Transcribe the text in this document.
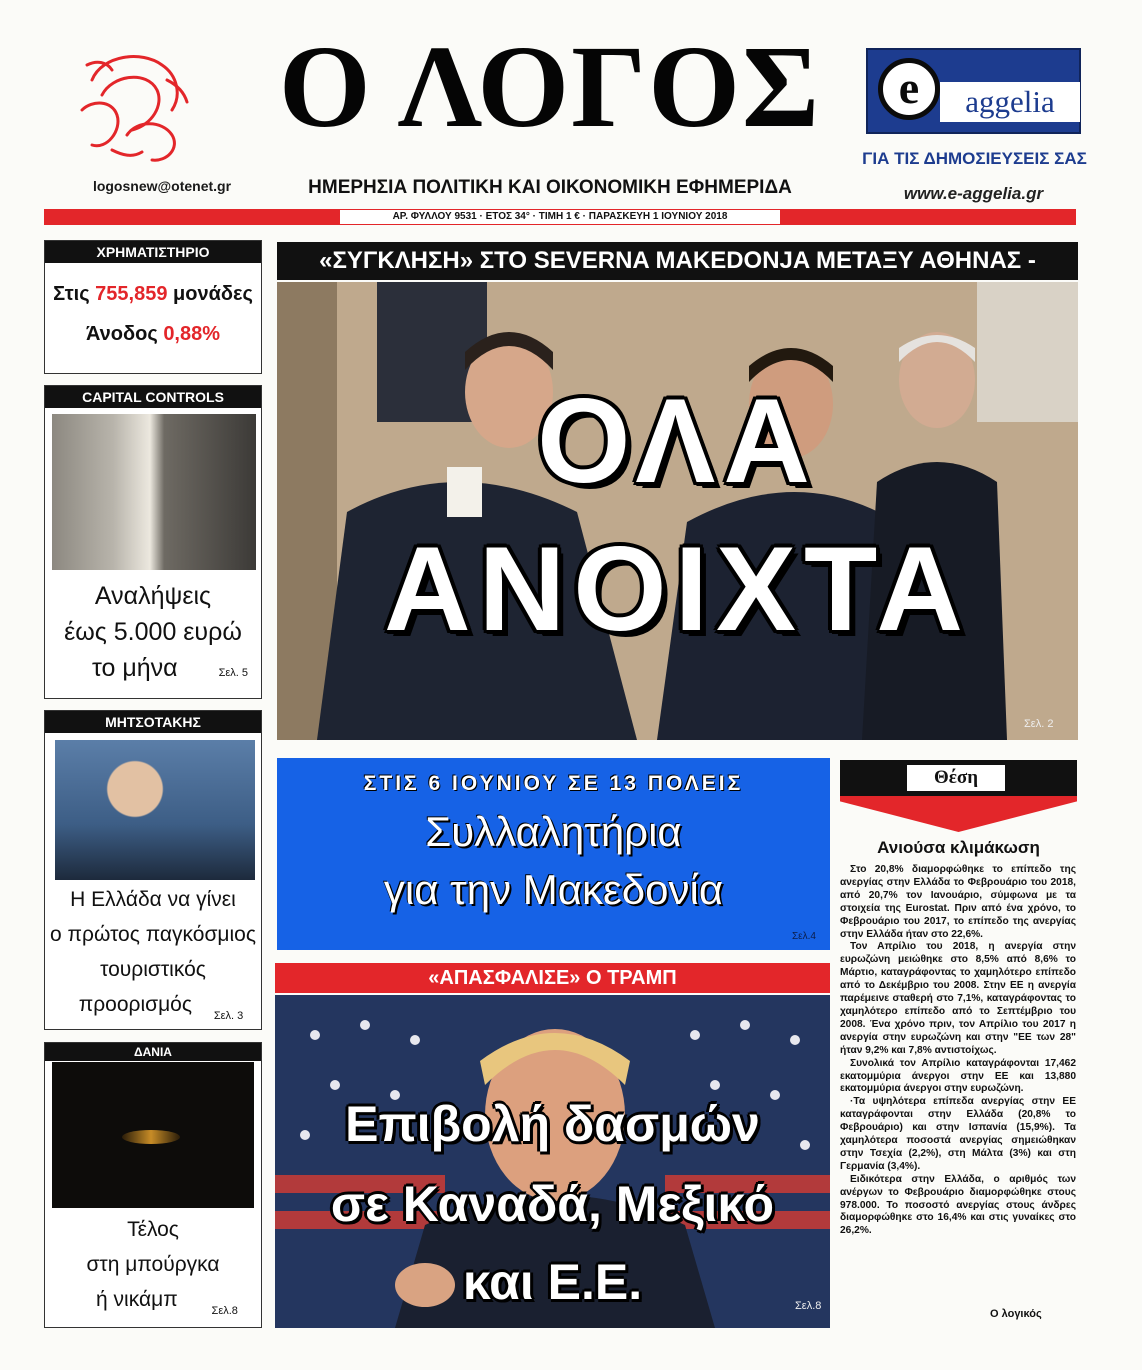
logosnew@otenet.gr
Ο ΛΟΓΟΣ
ΗΜΕΡΗΣΙΑ ΠΟΛΙΤΙΚΗ ΚΑΙ ΟΙΚΟΝΟΜΙΚΗ ΕΦΗΜΕΡΙΔΑ
e	aggelia
ΓΙΑ ΤΙΣ ΔΗΜΟΣΙΕΥΣΕΙΣ ΣΑΣ
www.e-aggelia.gr
ΑΡ. ΦΥΛΛΟΥ 9531 · ΕΤΟΣ 34° · ΤΙΜΗ 1 € · ΠΑΡΑΣΚΕΥΗ 1 ΙΟΥΝΙΟΥ 2018
ΧΡΗΜΑΤΙΣΤΗΡΙΟ
Στις 755,859 μονάδες
Άνοδος 0,88%
CAPITAL CONTROLS
Αναλήψεις
έως 5.000 ευρώ
το μήνα	Σελ. 5
ΜΗΤΣΟΤΑΚΗΣ
Η Ελλάδα να γίνει
ο πρώτος παγκόσμιος
τουριστικός
προορισμός $_{\Sigma\varepsilon\lambda. 3}$
ΔΑΝΙΑ
Τέλος
στη μπούργκα
ή νικάμπ	$_{\Sigma\varepsilon\lambda.8}$
«ΣΥΓΚΛΗΣΗ» ΣΤΟ SEVERNA MAKEDONJA ΜΕΤΑΞΥ ΑΘΗΝΑΣ -
ΟΛΑ
ΑΝΟΙΧΤΑ
Σελ. 2
ΣΤΙΣ 6 ΙΟΥΝΙΟΥ ΣΕ 13 ΠΟΛΕΙΣ
Συλλαλητήρια
για την Μακεδονία
Σελ.4
«ΑΠΑΣΦΑΛΙΣΕ» Ο ΤΡΑΜΠ
Επιβολή δασμών
σε Καναδά, Μεξικό
και Ε.Ε.	Σελ.8
Θέση
Ανιούσα κλιμάκωση

Στο 20,8% διαμορφώθηκε το επίπεδο της ανεργίας στην Ελλάδα το Φεβρουάριο του 2018, από 20,7% τον Ιανουάριο, σύμφωνα με τα στοιχεία της Eurostat. Πριν από ένα χρόνο, το Φεβρουάριο του 2017, το επίπεδο της ανεργίας στην Ελλάδα ήταν στο 22,6%.

Τον Απρίλιο του 2018, η ανεργία στην ευρωζώνη μειώθηκε στο 8,5% από 8,6% το Μάρτιο, καταγράφοντας το χαμηλότερο επίπεδο από το Δεκέμβριο του 2008. Στην ΕΕ η ανεργία παρέμεινε σταθερή στο 7,1%, καταγράφοντας το χαμηλότερο επίπεδο από το Σεπτέμβριο του 2008. Ένα χρόνο πριν, τον Απρίλιο του 2017 η ανεργία στην ευρωζώνη και στην "ΕΕ των 28" ήταν 9,2% και 7,8% αντιστοίχως.

Συνολικά τον Απρίλιο καταγράφονται 17,462 εκατομμύρια άνεργοι στην ΕΕ και 13,880 εκατομμύρια άνεργοι στην ευρωζώνη.

·Τα υψηλότερα επίπεδα ανεργίας στην ΕΕ καταγράφονται στην Ελλάδα (20,8% το Φεβρουάριο) και στην Ισπανία (15,9%). Τα χαμηλότερα ποσοστά ανεργίας σημειώθηκαν στην Τσεχία (2,2%), στη Μάλτα (3%) και στη Γερμανία (3,4%).

Ειδικότερα στην Ελλάδα, ο αριθμός των ανέργων το Φεβρουάριο διαμορφώθηκε στους 978.000. Το ποσοστό ανεργίας στους άνδρες διαμορφώθηκε στο 16,4% και στις γυναίκες στο 26,2%.

Ο λογικός
